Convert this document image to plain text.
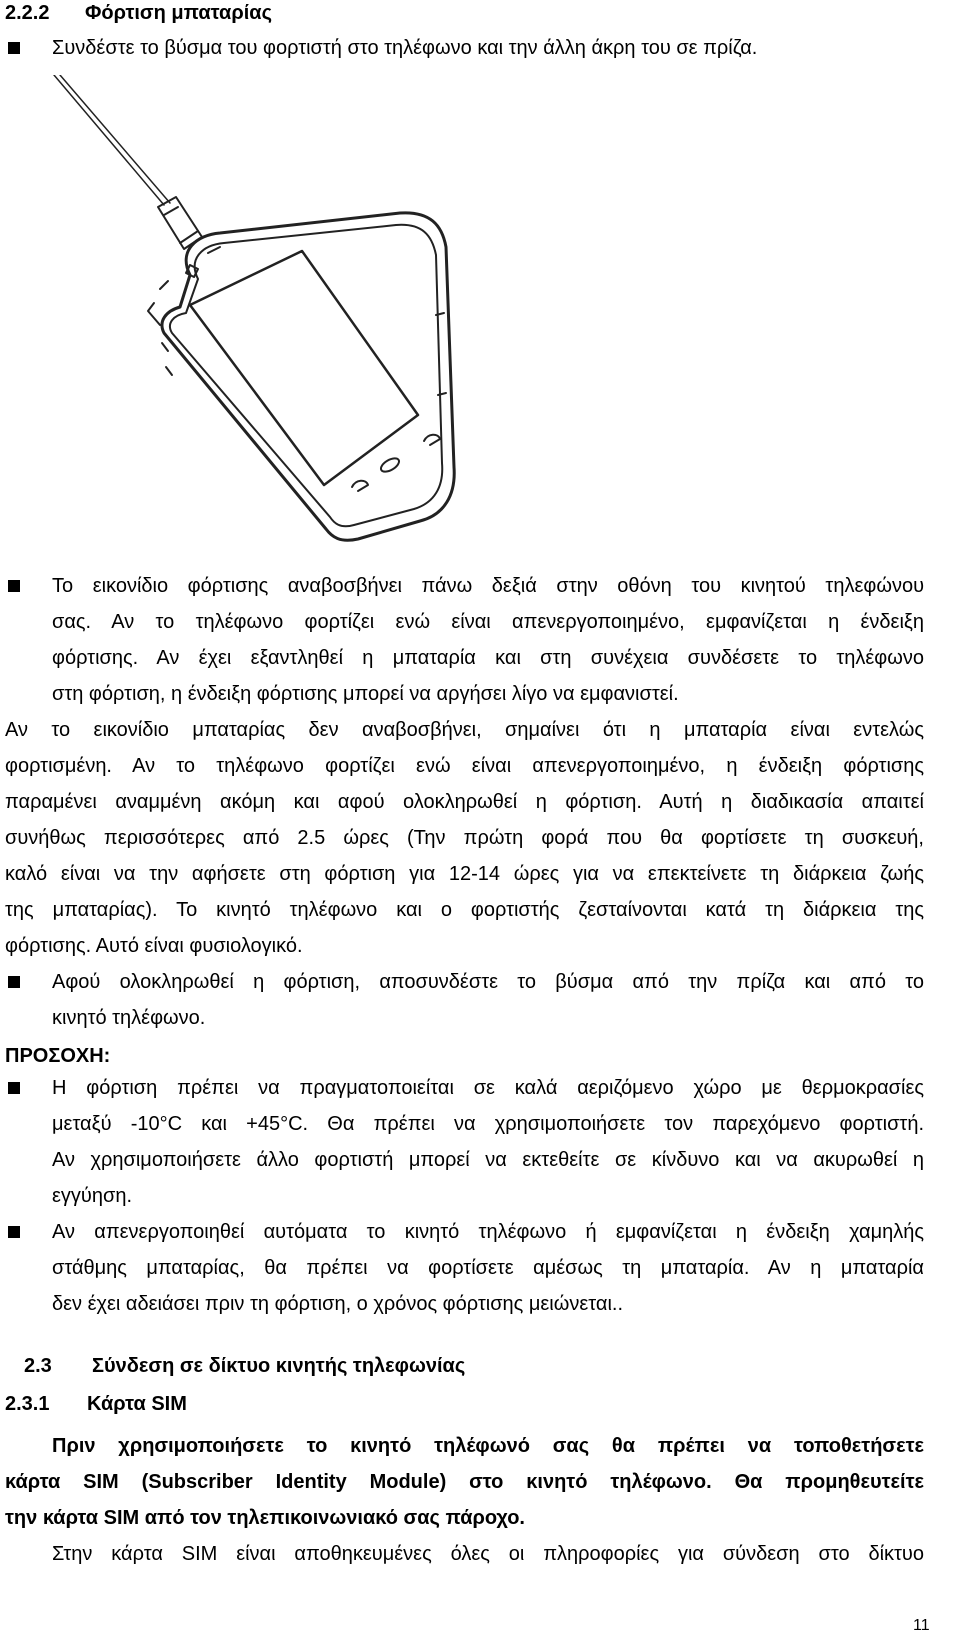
2.2.2 Φόρτιση μπαταρίας
Συνδέστε το βύσμα του φορτιστή στο τηλέφωνο και την άλλη άκρη του σε πρίζα.
Το εικονίδιο φόρτισης αναβοσβήνει πάνω δεξιά στην οθόνη του κινητού τηλεφώνου
σας. Αν το τηλέφωνο φορτίζει ενώ είναι απενεργοποιημένο, εμφανίζεται η ένδειξη
φόρτισης. Αν έχει εξαντληθεί η μπαταρία και στη συνέχεια συνδέσετε το τηλέφωνο
στη φόρτιση, η ένδειξη φόρτισης μπορεί να αργήσει λίγο να εμφανιστεί.
Αν το εικονίδιο μπαταρίας δεν αναβοσβήνει, σημαίνει ότι η μπαταρία είναι εντελώς
φορτισμένη. Αν το τηλέφωνο φορτίζει ενώ είναι απενεργοποιημένο, η ένδειξη φόρτισης
παραμένει αναμμένη ακόμη και αφού ολοκληρωθεί η φόρτιση. Αυτή η διαδικασία απαιτεί
συνήθως περισσότερες από 2.5 ώρες (Την πρώτη φορά που θα φορτίσετε τη συσκευή,
καλό είναι να την αφήσετε στη φόρτιση για 12-14 ώρες για να επεκτείνετε τη διάρκεια ζωής
της μπαταρίας). Το κινητό τηλέφωνο και ο φορτιστής ζεσταίνονται κατά τη διάρκεια της
φόρτισης. Αυτό είναι φυσιολογικό.
Αφού ολοκληρωθεί η φόρτιση, αποσυνδέστε το βύσμα από την πρίζα και από το
κινητό τηλέφωνο.
ΠΡΟΣΟΧΗ:
Η φόρτιση πρέπει να πραγματοποιείται σε καλά αεριζόμενο χώρο με θερμοκρασίες
μεταξύ -10°C και +45°C. Θα πρέπει να χρησιμοποιήσετε τον παρεχόμενο φορτιστή.
Αν χρησιμοποιήσετε άλλο φορτιστή μπορεί να εκτεθείτε σε κίνδυνο και να ακυρωθεί η
εγγύηση.
Αν απενεργοποιηθεί αυτόματα το κινητό τηλέφωνο ή εμφανίζεται η ένδειξη χαμηλής
στάθμης μπαταρίας, θα πρέπει να φορτίσετε αμέσως τη μπαταρία. Αν η μπαταρία
δεν έχει αδειάσει πριν τη φόρτιση, ο χρόνος φόρτισης μειώνεται..
2.3 Σύνδεση σε δίκτυο κινητής τηλεφωνίας
2.3.1 Κάρτα SIM
Πριν χρησιμοποιήσετε το κινητό τηλέφωνό σας θα πρέπει να τοποθετήσετε
κάρτα SIM (Subscriber Identity Module) στο κινητό τηλέφωνο. Θα προμηθευτείτε
την κάρτα SIM από τον τηλεπικοινωνιακό σας πάροχο.
Στην κάρτα SIM είναι αποθηκευμένες όλες οι πληροφορίες για σύνδεση στο δίκτυο
11
